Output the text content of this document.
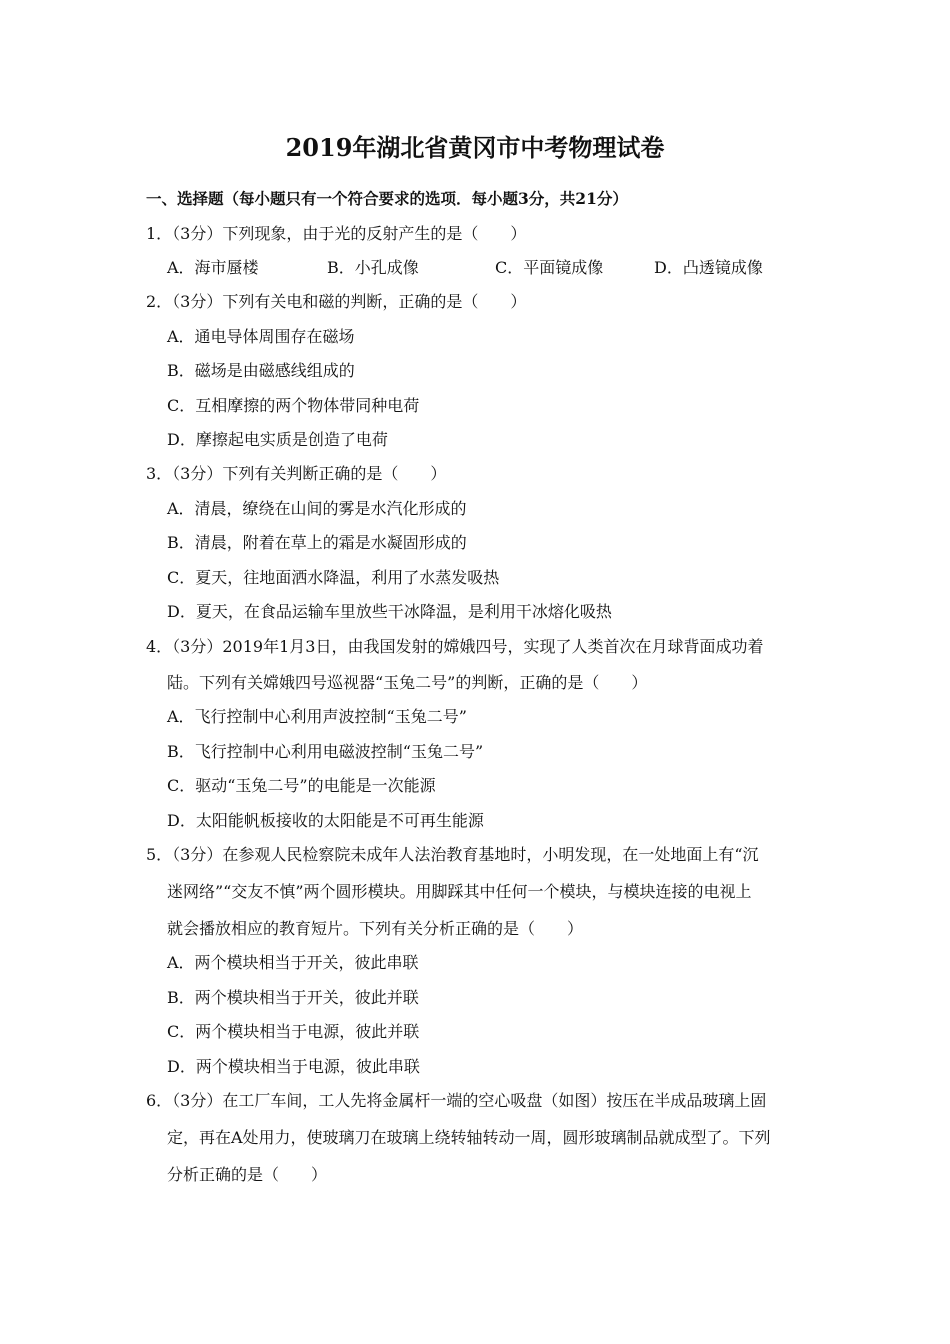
2019年湖北省黄冈市中考物理试卷
一、选择题（每小题只有一个符合要求的选项．每小题3分，共21分）
1．（3分）下列现象，由于光的反射产生的是（　　）
A．海市蜃楼	B．小孔成像	C．平面镜成像	D．凸透镜成像
2．（3分）下列有关电和磁的判断，正确的是（　　）
A．通电导体周围存在磁场
B．磁场是由磁感线组成的
C．互相摩擦的两个物体带同种电荷
D．摩擦起电实质是创造了电荷
3．（3分）下列有关判断正确的是（　　）
A．清晨，缭绕在山间的雾是水汽化形成的
B．清晨，附着在草上的霜是水凝固形成的
C．夏天，往地面洒水降温，利用了水蒸发吸热
D．夏天，在食品运输车里放些干冰降温，是利用干冰熔化吸热
4．（3分）2019年1月3日，由我国发射的嫦娥四号，实现了人类首次在月球背面成功着
陆。下列有关嫦娥四号巡视器“玉兔二号”的判断，正确的是（　　）
A．飞行控制中心利用声波控制“玉兔二号”
B．飞行控制中心利用电磁波控制“玉兔二号”
C．驱动“玉兔二号”的电能是一次能源
D．太阳能帆板接收的太阳能是不可再生能源
5．（3分）在参观人民检察院未成年人法治教育基地时，小明发现，在一处地面上有“沉
迷网络”“交友不慎”两个圆形模块。用脚踩其中任何一个模块，与模块连接的电视上
就会播放相应的教育短片。下列有关分析正确的是（　　）
A．两个模块相当于开关，彼此串联
B．两个模块相当于开关，彼此并联
C．两个模块相当于电源，彼此并联
D．两个模块相当于电源，彼此串联
6．（3分）在工厂车间，工人先将金属杆一端的空心吸盘（如图）按压在半成品玻璃上固
定，再在A处用力，使玻璃刀在玻璃上绕转轴转动一周，圆形玻璃制品就成型了。下列
分析正确的是（　　）
